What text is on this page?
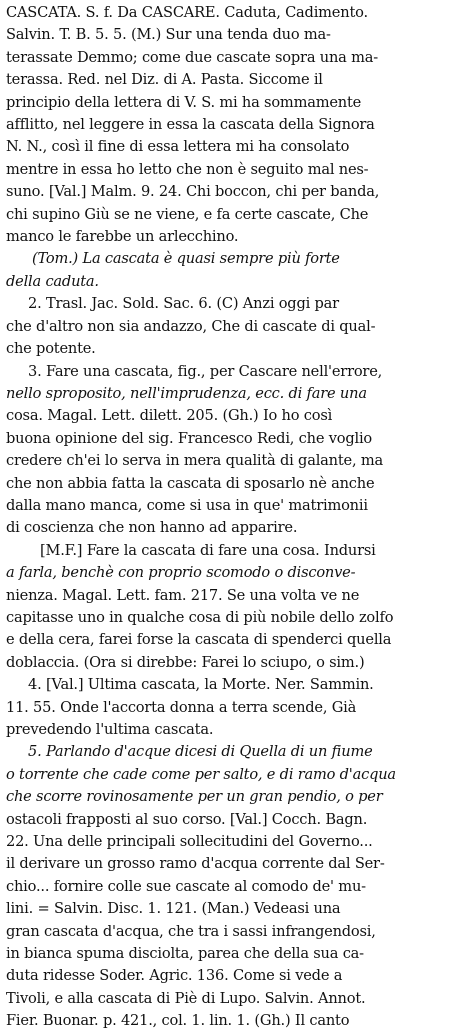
CASCATA. S. f. Da CASCARE. Caduta, Cadimento.
Salvin. T. B. 5. 5. (M.) Sur una tenda duo ma-
terassate Demmo; come due cascate sopra una ma-
terassa. Red. nel Diz. di A. Pasta. Siccome il
principio della lettera di V. S. mi ha sommamente
afflitto, nel leggere in essa la cascata della Signora
N. N., così il fine di essa lettera mi ha consolato
mentre in essa ho letto che non è seguito mal nes-
suno. [Val.] Malm. 9. 24. Chi boccon, chi per banda,
chi supino Giù se ne viene, e fa certe cascate, Che
manco le farebbe un arlecchino.
(Tom.) La cascata è quasi sempre più forte
della caduta.
2. Trasl. Jac. Sold. Sac. 6. (C) Anzi oggi par
che d'altro non sia andazzo, Che di cascate di qual-
che potente.
3. Fare una cascata, fig., per Cascare nell'errore,
nello sproposito, nell'imprudenza, ecc. di fare una
cosa. Magal. Lett. dilett. 205. (Gh.) Io ho così
buona opinione del sig. Francesco Redi, che voglio
credere ch'ei lo serva in mera qualità di galante, ma
che non abbia fatta la cascata di sposarlo nè anche
dalla mano manca, come si usa in que' matrimonii
di coscienza che non hanno ad apparire.
[M.F.] Fare la cascata di fare una cosa. Indursi
a farla, benchè con proprio scomodo o disconve-
nienza. Magal. Lett. fam. 217. Se una volta ve ne
capitasse uno in qualche cosa di più nobile dello zolfo
e della cera, farei forse la cascata di spenderci quella
doblaccia. (Ora si direbbe: Farei lo sciupo, o sim.)
4. [Val.] Ultima cascata, la Morte. Ner. Sammin.
11. 55. Onde l'accorta donna a terra scende, Già
prevedendo l'ultima cascata.
5. Parlando d'acque dicesi di Quella di un fiume
o torrente che cade come per salto, e di ramo d'acqua
che scorre rovinosamente per un gran pendio, o per
ostacoli frapposti al suo corso. [Val.] Cocch. Bagn.
22. Una delle principali sollecitudini del Governo...
il derivare un grosso ramo d'acqua corrente dal Ser-
chio... fornire colle sue cascate al comodo de' mu-
lini. = Salvin. Disc. 1. 121. (Man.) Vedeasi una
gran cascata d'acqua, che tra i sassi infrangendosi,
in bianca spuma disciolta, parea che della sua ca-
duta ridesse Soder. Agric. 136. Come si vede a
Tivoli, e alla cascata di Piè di Lupo. Salvin. Annot.
Fier. Buonar. p. 421., col. 1. lin. 1. (Gh.) Il canto
